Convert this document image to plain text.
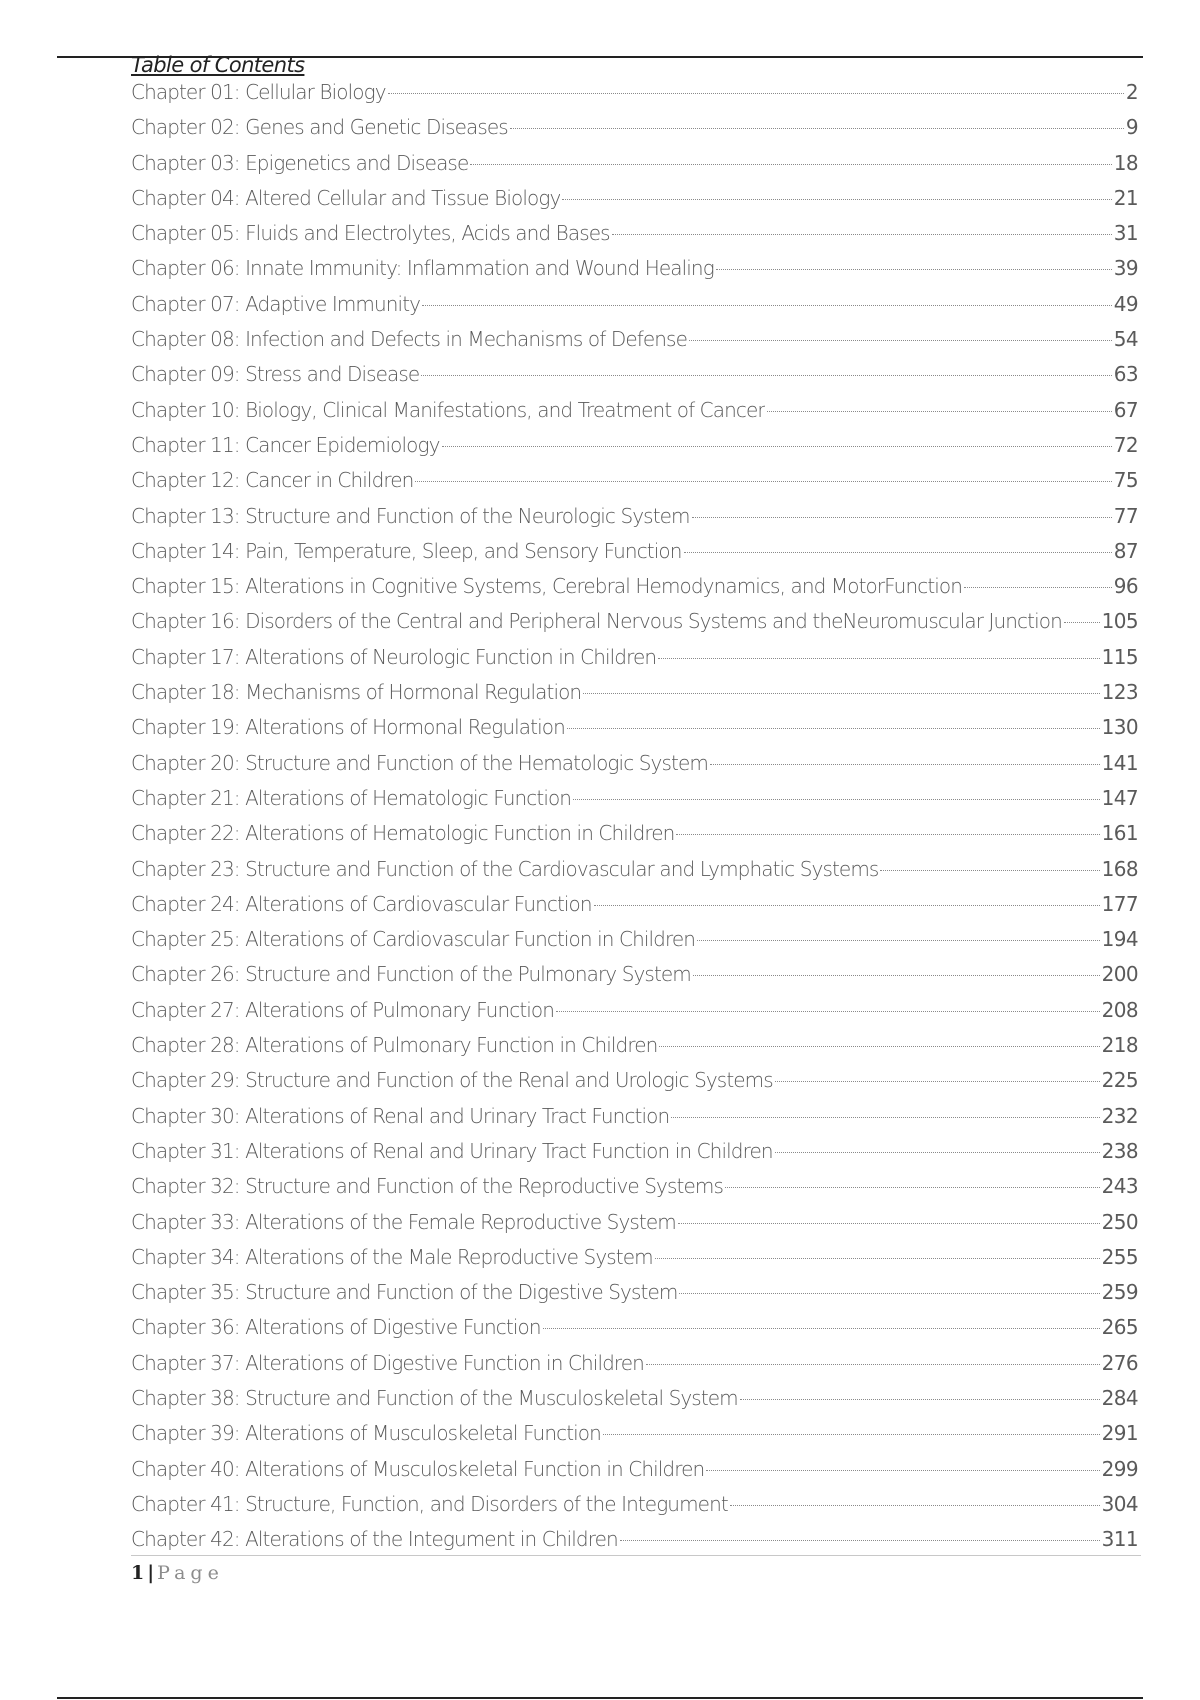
Table of Contents
Chapter 01: Cellular Biology	2
Chapter 02: Genes and Genetic Diseases	9
Chapter 03: Epigenetics and Disease	18
Chapter 04: Altered Cellular and Tissue Biology	21
Chapter 05: Fluids and Electrolytes, Acids and Bases	31
Chapter 06: Innate Immunity: Inflammation and Wound Healing	39
Chapter 07: Adaptive Immunity	49
Chapter 08: Infection and Defects in Mechanisms of Defense	54
Chapter 09: Stress and Disease	63
Chapter 10: Biology, Clinical Manifestations, and Treatment of Cancer	67
Chapter 11: Cancer Epidemiology	72
Chapter 12: Cancer in Children	75
Chapter 13: Structure and Function of the Neurologic System	77
Chapter 14: Pain, Temperature, Sleep, and Sensory Function	87
Chapter 15: Alterations in Cognitive Systems, Cerebral Hemodynamics, and MotorFunction	96
Chapter 16: Disorders of the Central and Peripheral Nervous Systems and theNeuromuscular Junction 105
Chapter 17: Alterations of Neurologic Function in Children	115
Chapter 18: Mechanisms of Hormonal Regulation	123
Chapter 19: Alterations of Hormonal Regulation	130
Chapter 20: Structure and Function of the Hematologic System	141
Chapter 21: Alterations of Hematologic Function	147
Chapter 22: Alterations of Hematologic Function in Children	161
Chapter 23: Structure and Function of the Cardiovascular and Lymphatic Systems	168
Chapter 24: Alterations of Cardiovascular Function	177
Chapter 25: Alterations of Cardiovascular Function in Children	194
Chapter 26: Structure and Function of the Pulmonary System	200
Chapter 27: Alterations of Pulmonary Function	208
Chapter 28: Alterations of Pulmonary Function in Children	218
Chapter 29: Structure and Function of the Renal and Urologic Systems	225
Chapter 30: Alterations of Renal and Urinary Tract Function	232
Chapter 31: Alterations of Renal and Urinary Tract Function in Children	238
Chapter 32: Structure and Function of the Reproductive Systems	243
Chapter 33: Alterations of the Female Reproductive System	250
Chapter 34: Alterations of the Male Reproductive System	255
Chapter 35: Structure and Function of the Digestive System	259
Chapter 36: Alterations of Digestive Function	265
Chapter 37: Alterations of Digestive Function in Children	276
Chapter 38: Structure and Function of the Musculoskeletal System	284
Chapter 39: Alterations of Musculoskeletal Function	291
Chapter 40: Alterations of Musculoskeletal Function in Children	299
Chapter 41: Structure, Function, and Disorders of the Integument	304
Chapter 42: Alterations of the Integument in Children	311
1 | Page
